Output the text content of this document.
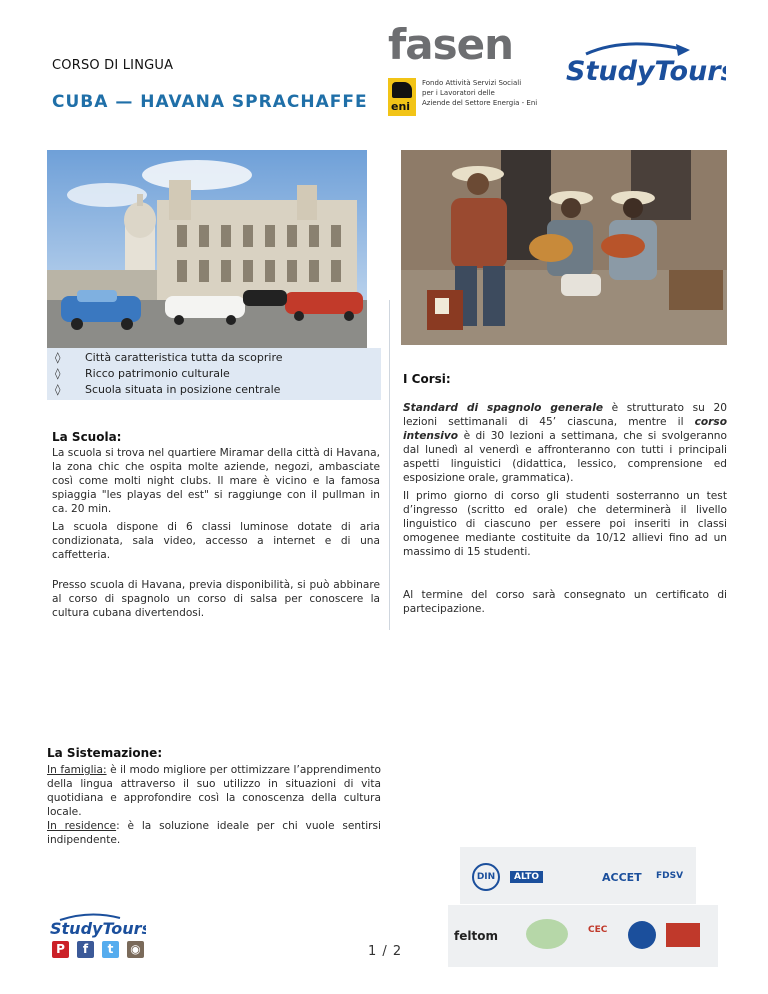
CORSO DI LINGUA
CUBA — HAVANA SPRACHAFFE
fasen
eni
Fondo Attività Servizi Sociali
per i Lavoratori delle
Aziende del Settore Energia - Eni
StudyTours
◊ Città caratteristica tutta da scoprire
◊ Ricco patrimonio culturale
◊ Scuola situata in posizione centrale
La Scuola:
La scuola si trova nel quartiere Miramar della città di Havana, la zona chic che ospita molte aziende, negozi, ambasciate così come molti night clubs. Il mare è vicino e la famosa spiaggia "les playas del est" si raggiunge con il pullman in ca. 20 min.
La scuola dispone di 6 classi luminose dotate di aria condizionata, sala video, accesso a internet e di una caffetteria.
Presso scuola di Havana, previa disponibilità, si può abbinare al corso di spagnolo un corso di salsa per conoscere la cultura cubana divertendosi.
I Corsi:
Standard di spagnolo generale è strutturato su 20 lezioni settimanali di 45’ ciascuna, mentre il corso intensivo è di 30 lezioni a settimana, che si svolgeranno dal lunedì al venerdì e affronteranno con tutti i principali aspetti linguistici (didattica, lessico, comprensione ed esposizione orale, grammatica).
Il primo giorno di corso gli studenti sosterranno un test d’ingresso (scritto ed orale) che determinerà il livello linguistico di ciascuno per essere poi inseriti in classi omogenee mediante costituite da 10/12 allievi fino ad un massimo di 15 studenti.
Al termine del corso sarà consegnato un certificato di partecipazione.
La Sistemazione:
In famiglia: è il modo migliore per ottimizzare l’apprendimento della lingua attraverso il suo utilizzo in situazioni di vita quotidiana e approfondire così la conoscenza della cultura locale.
In residence: è la soluzione ideale per chi vuole sentirsi indipendente.
StudyTours
P	f	t	◉	1 / 2
DIN	ALTO	ACCET FDSV
feltom	CEC
